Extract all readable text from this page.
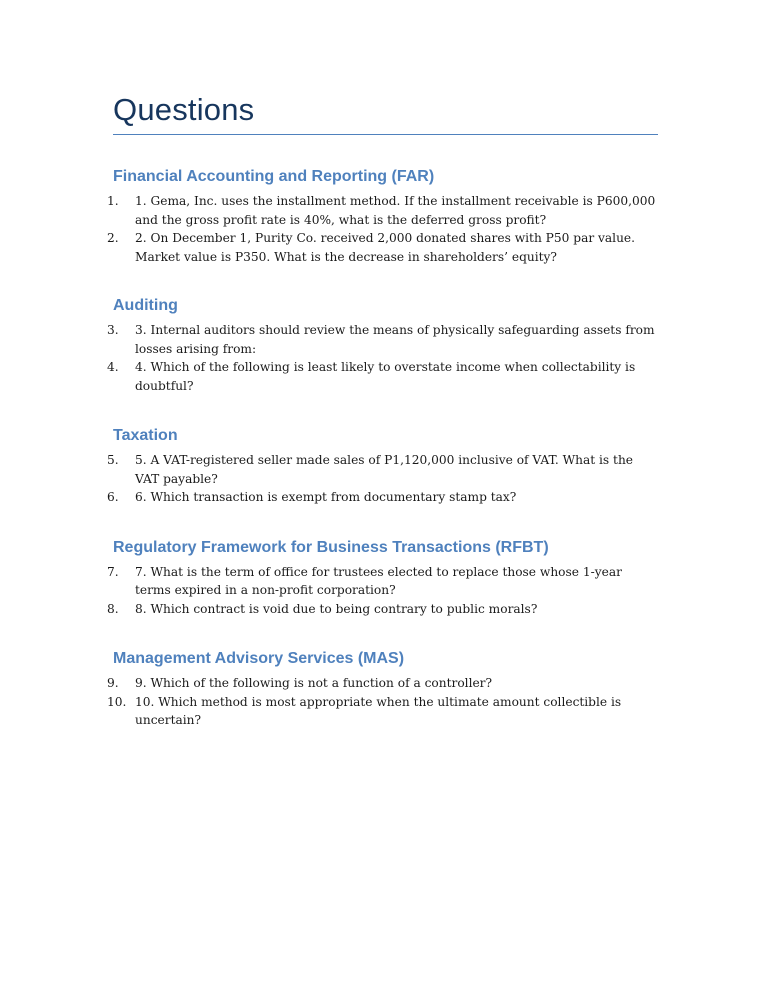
Questions
Financial Accounting and Reporting (FAR)
1.	1. Gema, Inc. uses the installment method. If the installment receivable is P600,000 and the gross profit rate is 40%, what is the deferred gross profit?
2.	2. On December 1, Purity Co. received 2,000 donated shares with P50 par value. Market value is P350. What is the decrease in shareholders’ equity?
Auditing
3.	3. Internal auditors should review the means of physically safeguarding assets from losses arising from:
4.	4. Which of the following is least likely to overstate income when collectability is doubtful?
Taxation
5.	5. A VAT-registered seller made sales of P1,120,000 inclusive of VAT. What is the VAT payable?
6.	6. Which transaction is exempt from documentary stamp tax?
Regulatory Framework for Business Transactions (RFBT)
7.	7. What is the term of office for trustees elected to replace those whose 1-year terms expired in a non-profit corporation?
8.	8. Which contract is void due to being contrary to public morals?
Management Advisory Services (MAS)
9.	9. Which of the following is not a function of a controller?
10. 10. Which method is most appropriate when the ultimate amount collectible is uncertain?
